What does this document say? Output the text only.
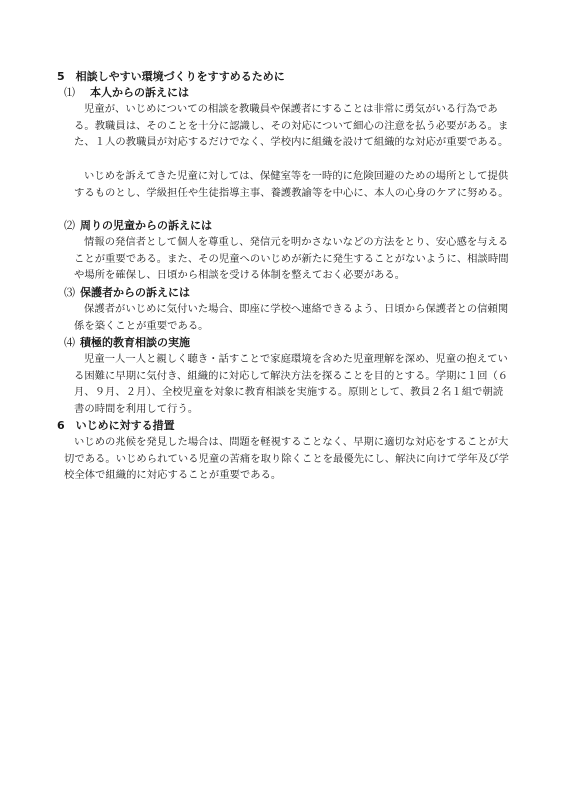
5　相談しやすい環境づくりをすすめるために
⑴ 本人からの訴えには

児童が、いじめについての相談を教職員や保護者にすることは非常に勇気がいる行為である。教職員は、そのことを十分に認識し、その対応について細心の注意を払う必要がある。また、１人の教職員が対応するだけでなく、学校内に組織を設けて組織的な対応が重要である。

いじめを訴えてきた児童に対しては、保健室等を一時的に危険回避のための場所として提供するものとし、学級担任や生徒指導主事、養護教諭等を中心に、本人の心身のケアに努める。

⑵ 周りの児童からの訴えには

情報の発信者として個人を尊重し、発信元を明かさないなどの方法をとり、安心感を与えることが重要である。また、その児童へのいじめが新たに発生することがないように、相談時間や場所を確保し、日頃から相談を受ける体制を整えておく必要がある。

⑶ 保護者からの訴えには

保護者がいじめに気付いた場合、即座に学校へ連絡できるよう、日頃から保護者との信頼関係を築くことが重要である。

⑷ 積極的教育相談の実施

児童一人一人と親しく聴き・話すことで家庭環境を含めた児童理解を深め、児童の抱えている困難に早期に気付き、組織的に対応して解決方法を探ることを目的とする。学期に１回（６月、９月、２月）、全校児童を対象に教育相談を実施する。原則として、教員２名１組で朝読書の時間を利用して行う。

6　いじめに対する措置

いじめの兆候を発見した場合は、問題を軽視することなく、早期に適切な対応をすることが大切である。いじめられている児童の苦痛を取り除くことを最優先にし、解決に向けて学年及び学校全体で組織的に対応することが重要である。
